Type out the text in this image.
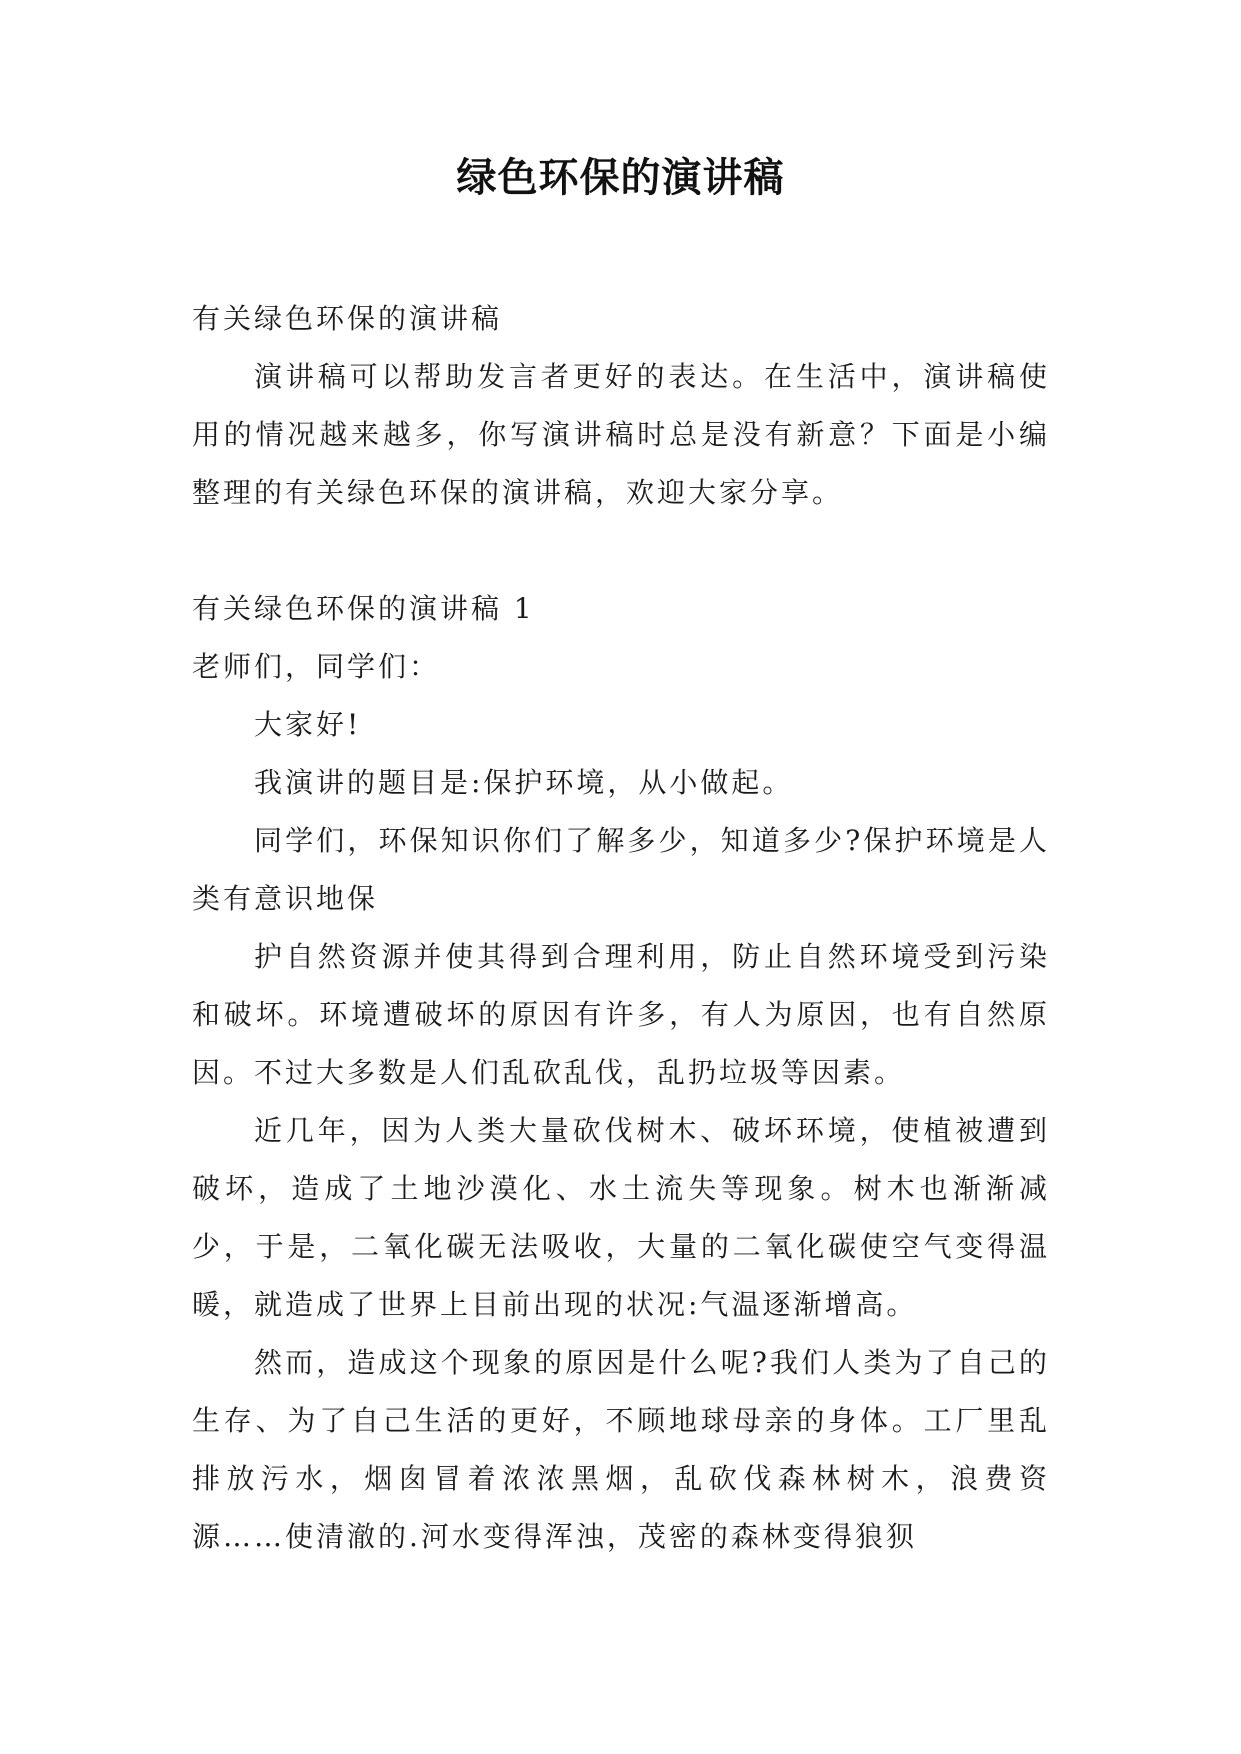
绿色环保的演讲稿

有关绿色环保的演讲稿

演讲稿可以帮助发言者更好的表达。在生活中，演讲稿使用的情况越来越多，你写演讲稿时总是没有新意？下面是小编整理的有关绿色环保的演讲稿，欢迎大家分享。

有关绿色环保的演讲稿 1

老师们，同学们：

大家好!

我演讲的题目是:保护环境，从小做起。

同学们，环保知识你们了解多少，知道多少?保护环境是人类有意识地保

护自然资源并使其得到合理利用，防止自然环境受到污染和破坏。环境遭破坏的原因有许多，有人为原因，也有自然原因。不过大多数是人们乱砍乱伐，乱扔垃圾等因素。

近几年，因为人类大量砍伐树木、破坏环境，使植被遭到破坏，造成了土地沙漠化、水土流失等现象。树木也渐渐减少，于是，二氧化碳无法吸收，大量的二氧化碳使空气变得温暖，就造成了世界上目前出现的状况:气温逐渐增高。

然而，造成这个现象的原因是什么呢?我们人类为了自己的生存、为了自己生活的更好，不顾地球母亲的身体。工厂里乱排放污水，烟囱冒着浓浓黑烟，乱砍伐森林树木，浪费资源……使清澈的.河水变得浑浊，茂密的森林变得狼狈
